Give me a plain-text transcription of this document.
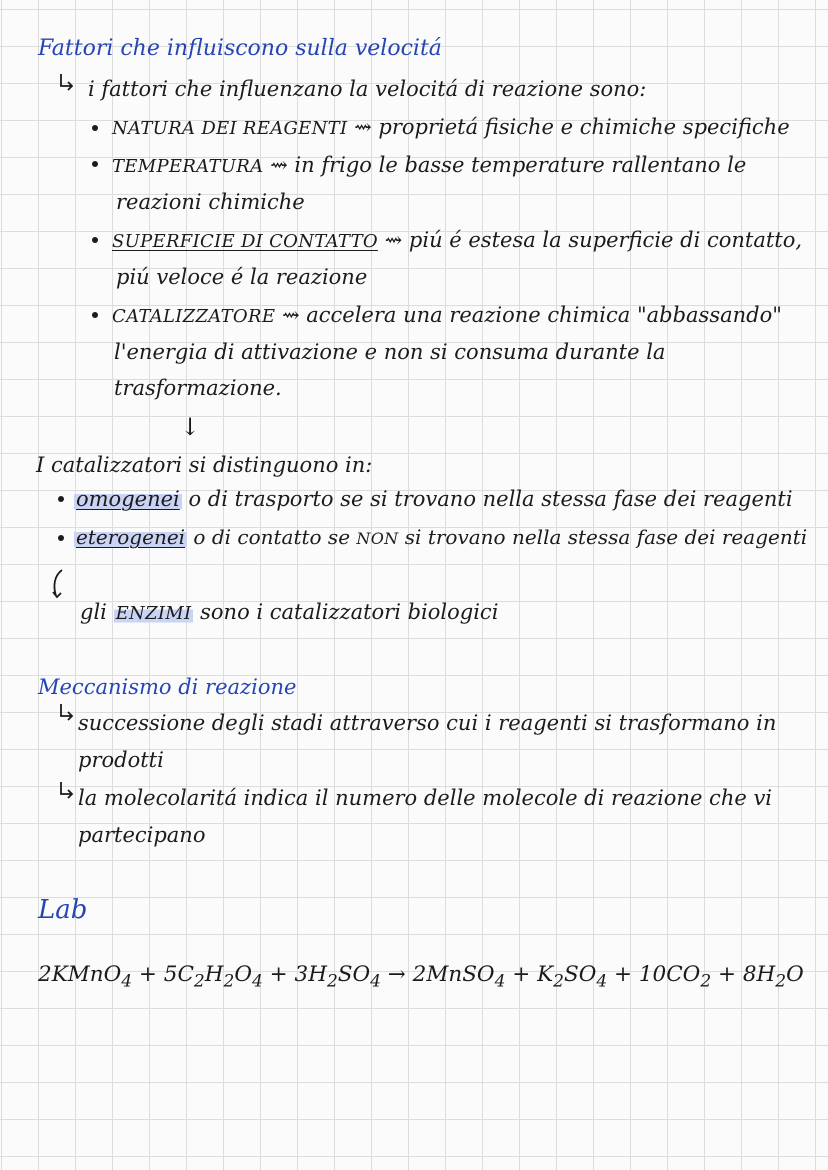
Fattori che influiscono sulla velocitá
i fattori che influenzano la velocitá di reazione sono:
NATURA DEI REAGENTI ⇝ proprietá fisiche e chimiche specifiche
TEMPERATURA ⇝ in frigo le basse temperature rallentano le
reazioni chimiche
SUPERFICIE DI CONTATTO ⇝ piú é estesa la superficie di contatto,
piú veloce é la reazione
CATALIZZATORE ⇝ accelera una reazione chimica "abbassando"
l'energia di attivazione e non si consuma durante la
trasformazione.
↓
I catalizzatori si distinguono in:
omogenei o di trasporto se si trovano nella stessa fase dei reagenti
eterogenei o di contatto se NON si trovano nella stessa fase dei reagenti
gli ENZIMI sono i catalizzatori biologici
Meccanismo di reazione
successione degli stadi attraverso cui i reagenti si trasformano in
prodotti
la molecolaritá indica il numero delle molecole di reazione che vi
partecipano
Lab
2KMnO$_4$ + $5C_2H_2O_4 + 3H_2SO_4$ → 2MnSO$_4$ + $K_2SO_4 + 10CO_2 + 8H_2O$
